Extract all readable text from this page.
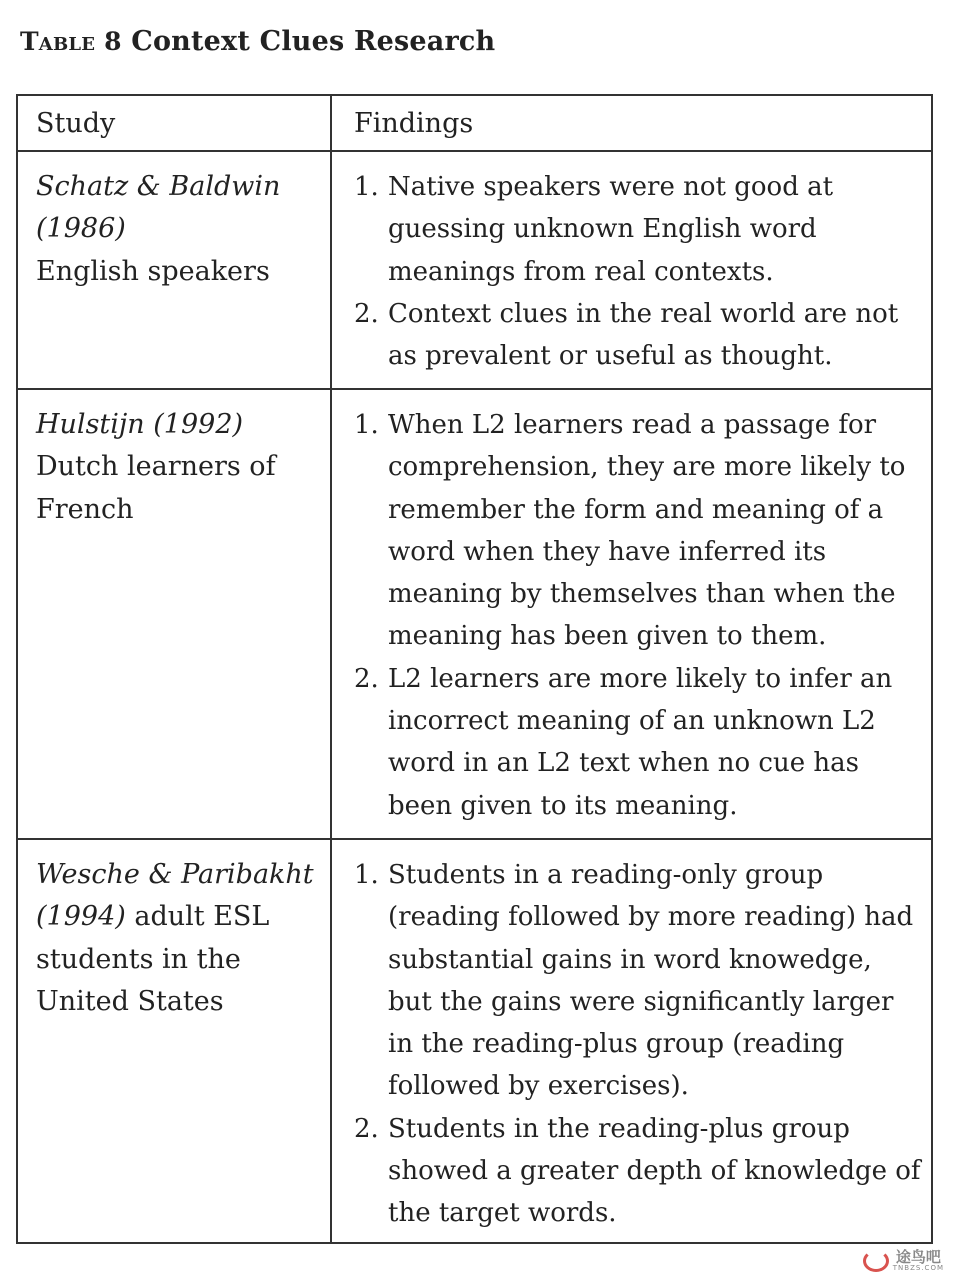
Table 8 Context Clues Research
Study	Findings
Schatz & Baldwin (1986)
English speakers
1. Native speakers were not good at guessing unknown English word meanings from real contexts.
2. Context clues in the real world are not as prevalent or useful as thought.
Hulstijn (1992)
Dutch learners of French
1. When L2 learners read a passage for comprehension, they are more likely to remember the form and meaning of a word when they have inferred its meaning by themselves than when the meaning has been given to them.
2. L2 learners are more likely to infer an incorrect meaning of an unknown L2 word in an L2 text when no cue has been given to its meaning.
Wesche & Paribakht (1994) adult ESL students in the United States
1. Students in a reading-only group (reading followed by more reading) had substantial gains in word knowedge, but the gains were significantly larger in the reading-plus group (reading followed by exercises).
2. Students in the reading-plus group showed a greater depth of knowledge of the target words.
途鸟吧
TNBZS.COM
